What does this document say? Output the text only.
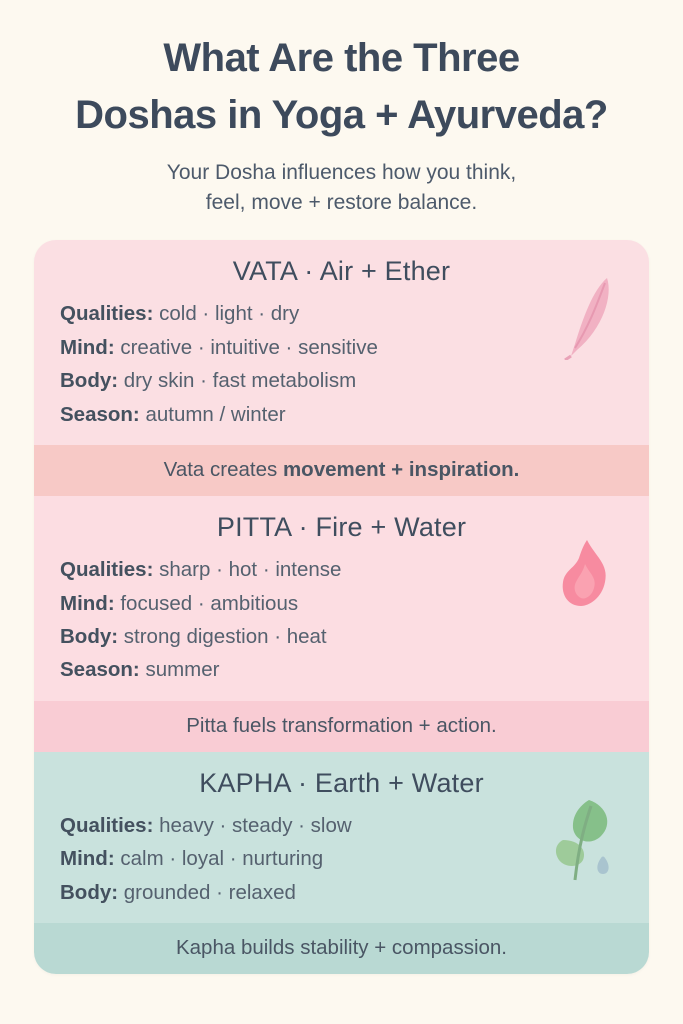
What Are the Three
Doshas in Yoga + Ayurveda?
Your Dosha influences how you think,
feel, move + restore balance.
VATA · Air + Ether
Qualities: cold · light · dry
Mind: creative · intuitive · sensitive
Body: dry skin · fast metabolism
Season: autumn / winter
Vata creates movement + inspiration.
PITTA · Fire + Water
Qualities: sharp · hot · intense
Mind: focused · ambitious
Body: strong digestion · heat
Season: summer
Pitta fuels transformation + action.
KAPHA · Earth + Water
Qualities: heavy · steady · slow
Mind: calm · loyal · nurturing
Body: grounded · relaxed
Kapha builds stability + compassion.
